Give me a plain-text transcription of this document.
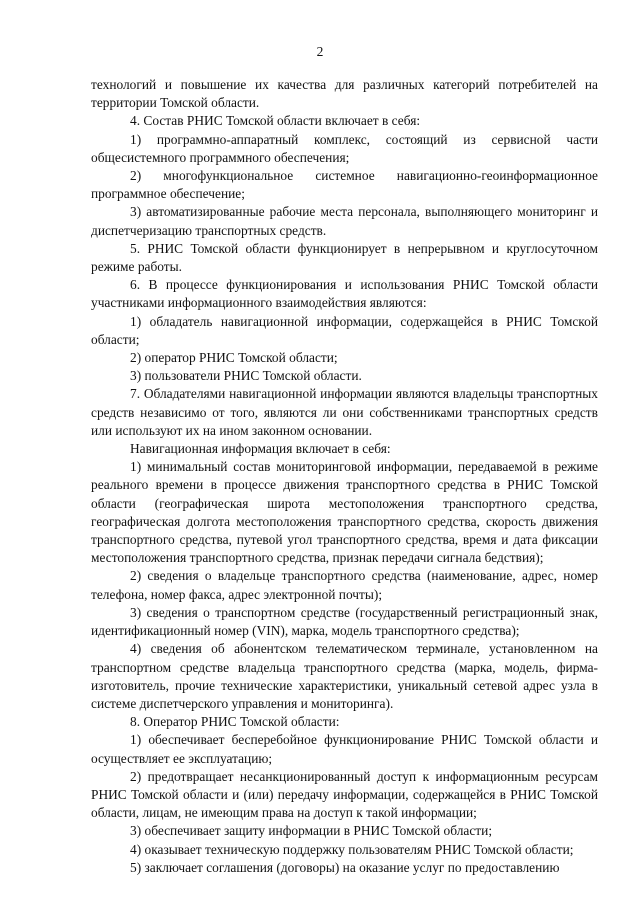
2

технологий и повышение их качества для различных категорий потребителей на территории Томской области.

4. Состав РНИС Томской области включает в себя:

1) программно-аппаратный комплекс, состоящий из сервисной части общесистемного программного обеспечения;

2) многофункциональное системное навигационно-геоинформационное программное обеспечение;

3) автоматизированные рабочие места персонала, выполняющего мониторинг и диспетчеризацию транспортных средств.

5. РНИС Томской области функционирует в непрерывном и круглосуточном режиме работы.

6. В процессе функционирования и использования РНИС Томской области участниками информационного взаимодействия являются:

1) обладатель навигационной информации, содержащейся в РНИС Томской области;

2) оператор РНИС Томской области;

3) пользователи РНИС Томской области.

7. Обладателями навигационной информации являются владельцы транспортных средств независимо от того, являются ли они собственниками транспортных средств или используют их на ином законном основании.

Навигационная информация включает в себя:

1) минимальный состав мониторинговой информации, передаваемой в режиме реального времени в процессе движения транспортного средства в РНИС Томской области (географическая широта местоположения транспортного средства, географическая долгота местоположения транспортного средства, скорость движения транспортного средства, путевой угол транспортного средства, время и дата фиксации местоположения транспортного средства, признак передачи сигнала бедствия);

2) сведения о владельце транспортного средства (наименование, адрес, номер телефона, номер факса, адрес электронной почты);

3) сведения о транспортном средстве (государственный регистрационный знак, идентификационный номер (VIN), марка, модель транспортного средства);

4) сведения об абонентском телематическом терминале, установленном на транспортном средстве владельца транспортного средства (марка, модель, фирма-изготовитель, прочие технические характеристики, уникальный сетевой адрес узла в системе диспетчерского управления и мониторинга).

8. Оператор РНИС Томской области:

1) обеспечивает бесперебойное функционирование РНИС Томской области и осуществляет ее эксплуатацию;

2) предотвращает несанкционированный доступ к информационным ресурсам РНИС Томской области и (или) передачу информации, содержащейся в РНИС Томской области, лицам, не имеющим права на доступ к такой информации;

3) обеспечивает защиту информации в РНИС Томской области;

4) оказывает техническую поддержку пользователям РНИС Томской области;

5) заключает соглашения (договоры) на оказание услуг по предоставлению
